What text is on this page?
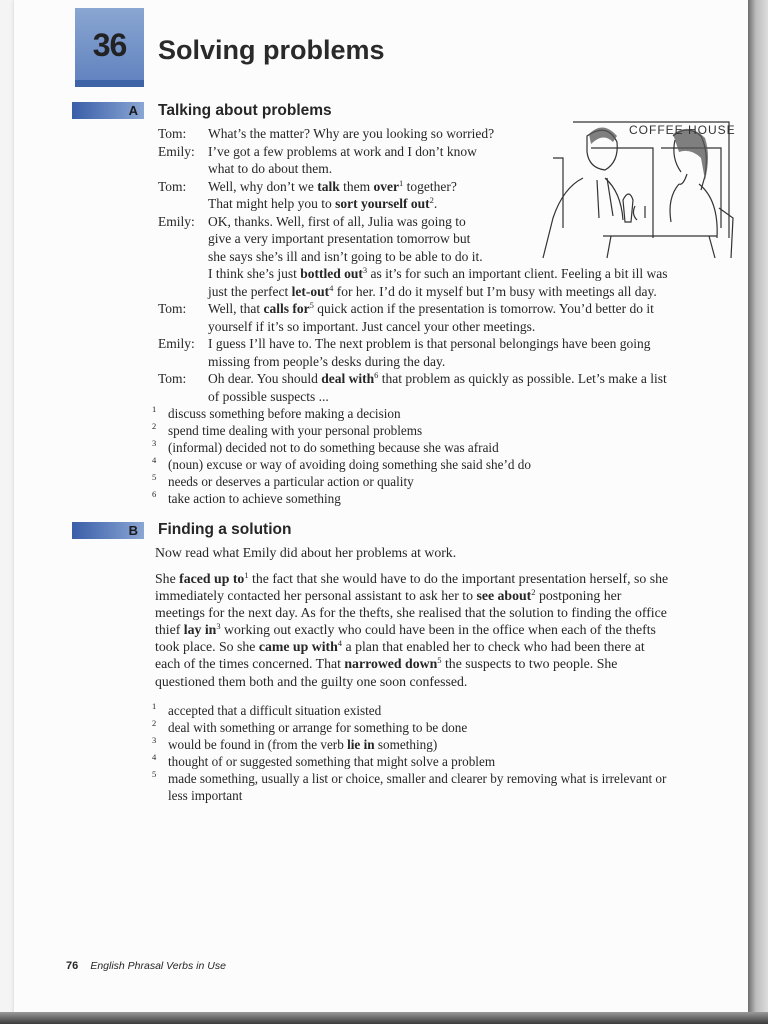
36 Solving problems
A	Talking about problems
Tom: What’s the matter? Why are you looking so worried?
Emily: I’ve got a few problems at work and I don’t know
what to do about them.
Tom: Well, why don’t we talk them over$^1$ together?
That might help you to sort yourself out$^2$.
Emily: OK, thanks. Well, first of all, Julia was going to
give a very important presentation tomorrow but
she says she’s ill and isn’t going to be able to do it.
I think she’s just bottled out$^3$ as it’s for such an important client. Feeling a bit ill was
just the perfect let-out$^4$ for her. I’d do it myself but I’m busy with meetings all day.
Tom: Well, that calls for$^5$ quick action if the presentation is tomorrow. You’d better do it
yourself if it’s so important. Just cancel your other meetings.
Emily: I guess I’ll have to. The next problem is that personal belongings have been going
missing from people’s desks during the day.
Tom: Oh dear. You should deal with$^6$ that problem as quickly as possible. Let’s make a list
of possible suspects ...
COFFEE HOUSE
1 discuss something before making a decision
2 spend time dealing with your personal problems
3 (informal) decided not to do something because she was afraid
4 (noun) excuse or way of avoiding doing something she said she’d do
5 needs or deserves a particular action or quality
6 take action to achieve something
B	Finding a solution
Now read what Emily did about her problems at work.
She faced up $to^1$ the fact that she would have to do the important presentation herself, so she
immediately contacted her personal assistant to ask her to see about$^2$ postponing her
meetings for the next day. As for the thefts, she realised that the solution to finding the office
thief lay $in^3$ working out exactly who could have been in the office when each of the thefts
took place. So she came up with$^4$ a plan that enabled her to check who had been there at
each of the times concerned. That narrowed down$^5$ the suspects to two people. She
questioned them both and the guilty one soon confessed.
1 accepted that a difficult situation existed
2 deal with something or arrange for something to be done
3 would be found in (from the verb lie in something)
4 thought of or suggested something that might solve a problem
5 made something, usually a list or choice, smaller and clearer by removing what is irrelevant or
less important
76 English Phrasal Verbs in Use
